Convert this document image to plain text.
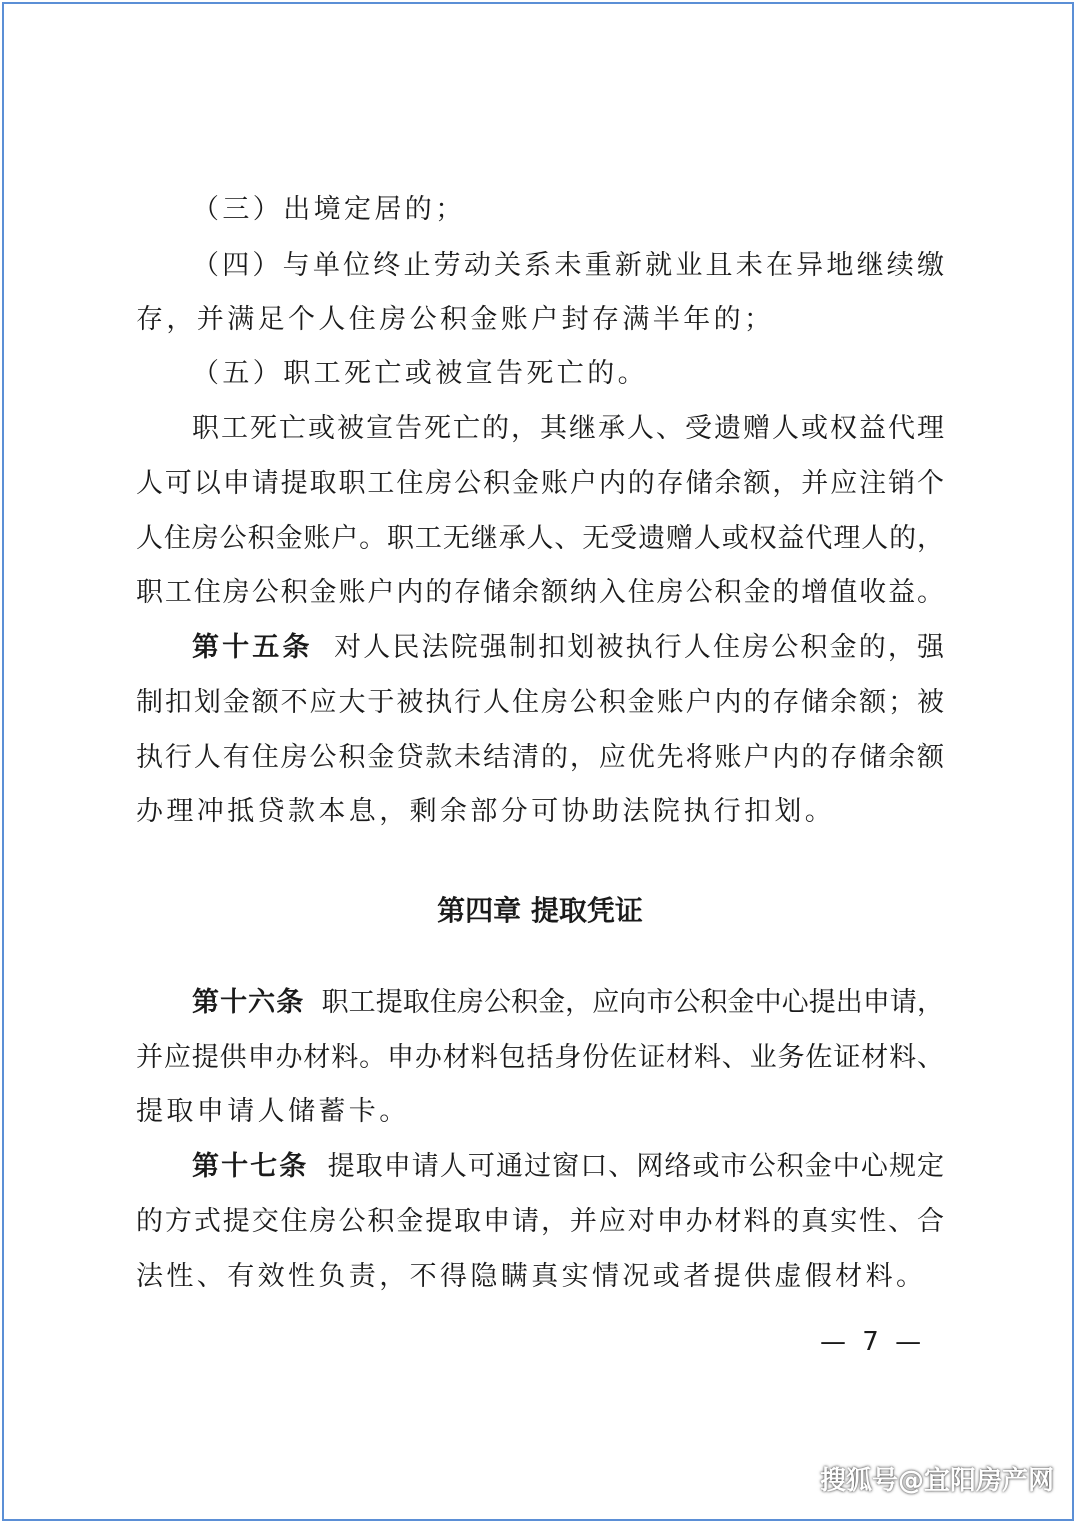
（三）出境定居的；
（四）与单位终止劳动关系未重新就业且未在异地继续缴
存，并满足个人住房公积金账户封存满半年的；
（五）职工死亡或被宣告死亡的。
职工死亡或被宣告死亡的，其继承人、受遗赠人或权益代理
人可以申请提取职工住房公积金账户内的存储余额，并应注销个
人住房公积金账户。职工无继承人、无受遗赠人或权益代理人的，
职工住房公积金账户内的存储余额纳入住房公积金的增值收益。
第十五条 对人民法院强制扣划被执行人住房公积金的，强
制扣划金额不应大于被执行人住房公积金账户内的存储余额；被
执行人有住房公积金贷款未结清的，应优先将账户内的存储余额
办理冲抵贷款本息，剩余部分可协助法院执行扣划。
第四章 提取凭证
第十六条 职工提取住房公积金，应向市公积金中心提出申请，
并应提供申办材料。申办材料包括身份佐证材料、业务佐证材料、
提取申请人储蓄卡。
第十七条 提取申请人可通过窗口、网络或市公积金中心规定
的方式提交住房公积金提取申请，并应对申办材料的真实性、合
法性、有效性负责，不得隐瞒真实情况或者提供虚假材料。
— 7 —
搜狐号@宜阳房产网
